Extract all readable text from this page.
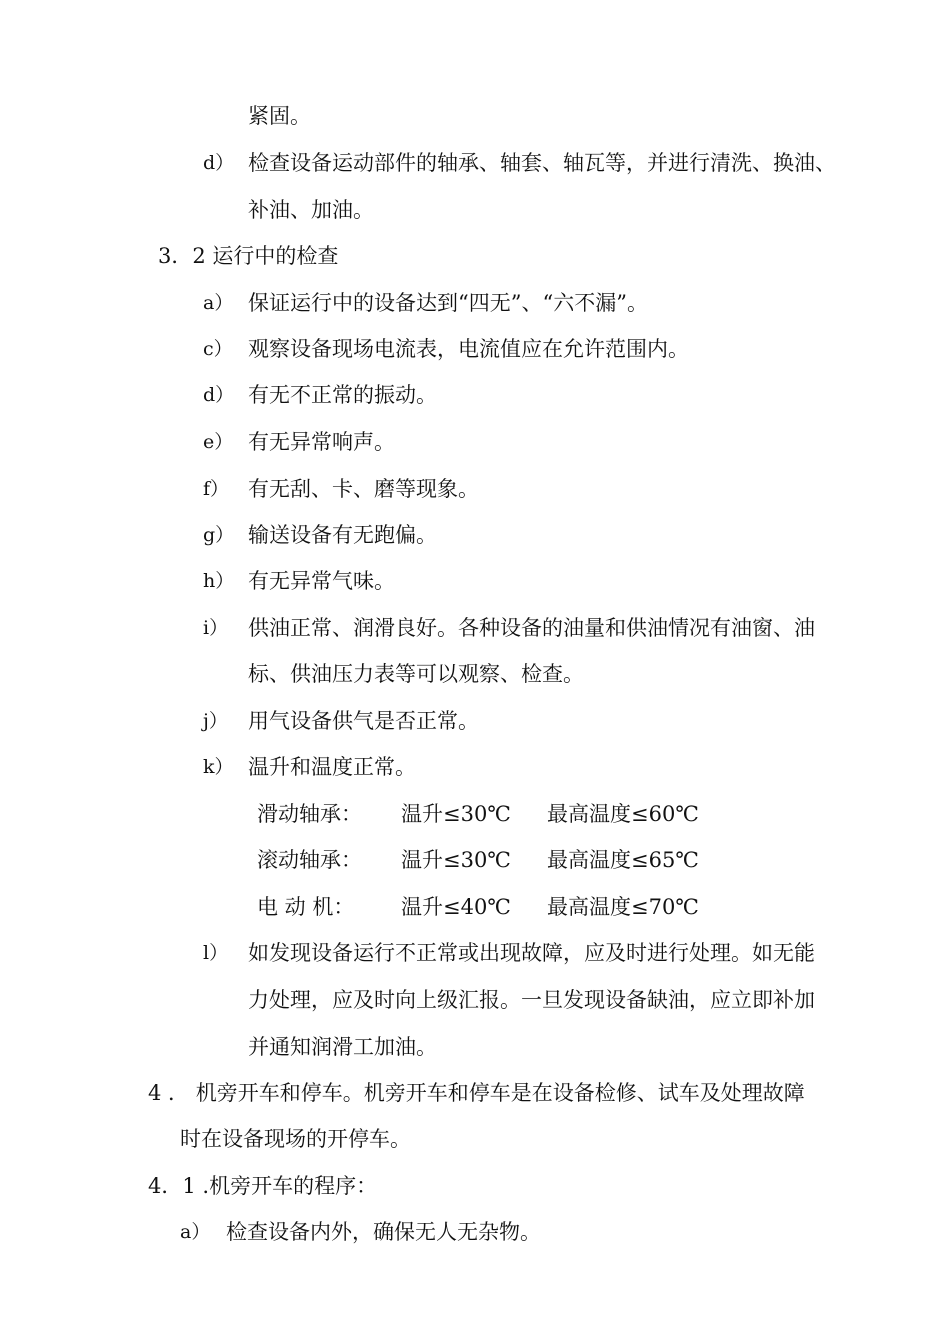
紧固。
d） 检查设备运动部件的轴承、轴套、轴瓦等，并进行清洗、换油、
补油、加油。
3．2 运行中的检查
a） 保证运行中的设备达到“四无”、“六不漏”。
c） 观察设备现场电流表，电流值应在允许范围内。
d） 有无不正常的振动。
e） 有无异常响声。
f） 有无刮、卡、磨等现象。
g） 输送设备有无跑偏。
h） 有无异常气味。
i） 供油正常、润滑良好。各种设备的油量和供油情况有油窗、油
标、供油压力表等可以观察、检查。
j） 用气设备供气是否正常。
k） 温升和温度正常。
滑动轴承： 温升≤30℃ 最高温度≤60℃
滚动轴承： 温升≤30℃ 最高温度≤65℃
电 动 机： 温升≤40℃ 最高温度≤70℃
l） 如发现设备运行不正常或出现故障，应及时进行处理。如无能
力处理，应及时向上级汇报。一旦发现设备缺油，应立即补加
并通知润滑工加油。
4 ． 机旁开车和停车。机旁开车和停车是在设备检修、试车及处理故障
时在设备现场的开停车。
4．1 .机旁开车的程序：
a） 检查设备内外，确保无人无杂物。
